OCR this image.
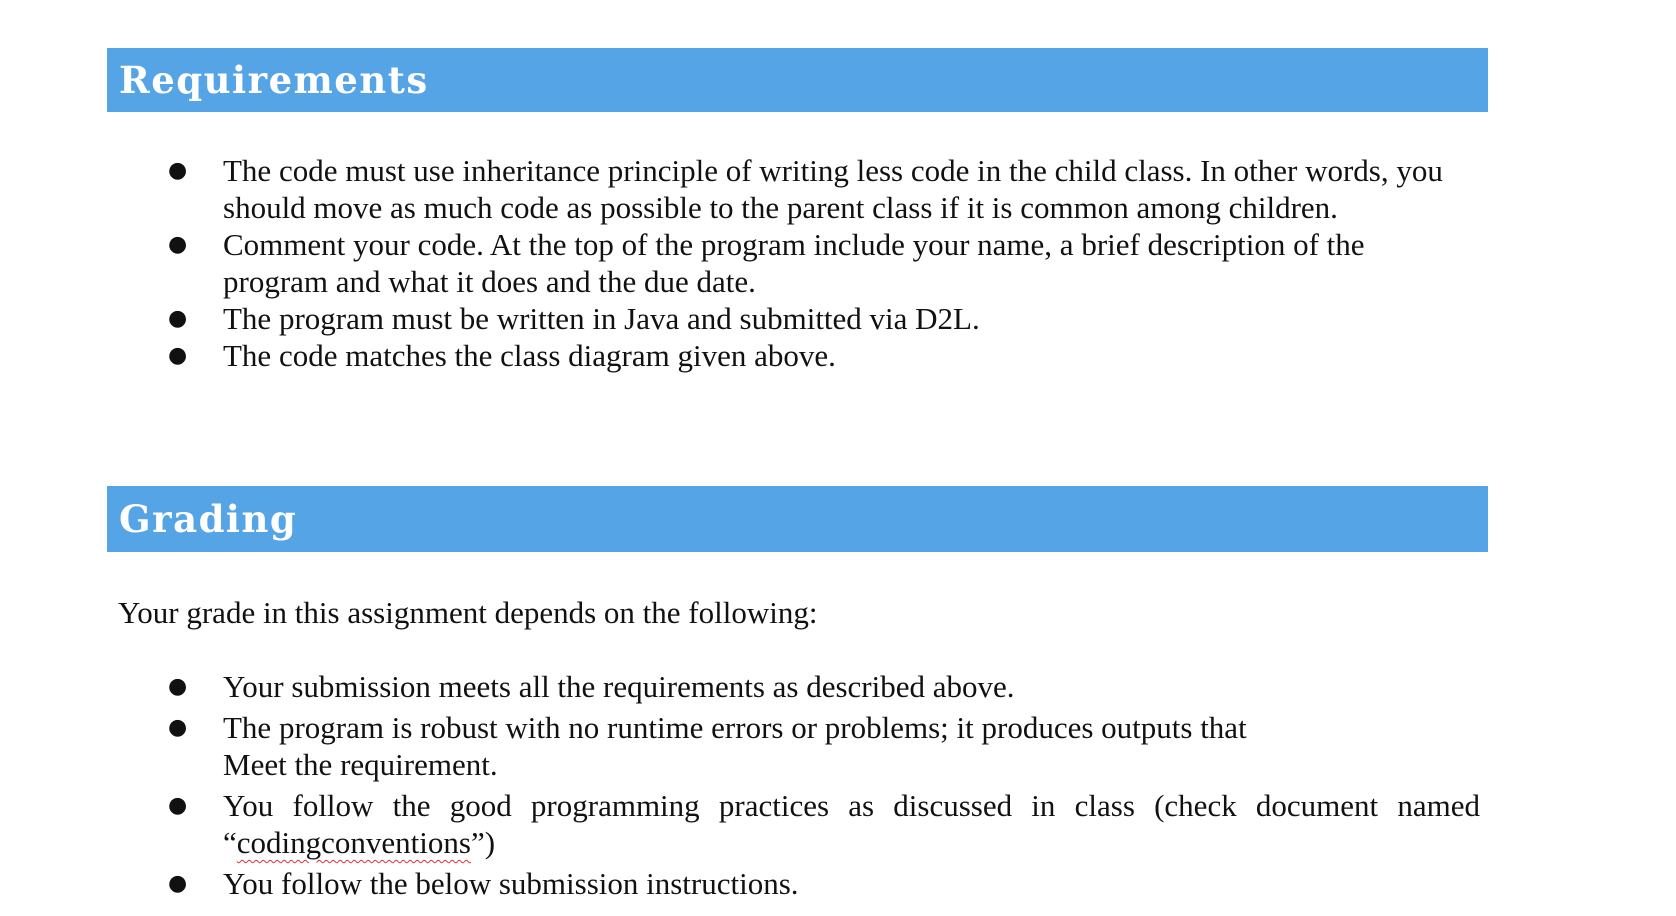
Requirements
● The code must use inheritance principle of writing less code in the child class. In other words, you should move as much code as possible to the parent class if it is common among children.
● Comment your code. At the top of the program include your name, a brief description of the program and what it does and the due date.
● The program must be written in Java and submitted via D2L.
● The code matches the class diagram given above.
Grading
Your grade in this assignment depends on the following:
● Your submission meets all the requirements as described above.
● The program is robust with no runtime errors or problems; it produces outputs that
Meet the requirement.
● You follow the good programming practices as discussed in class (check document named “codingconventions”)
● You follow the below submission instructions.
